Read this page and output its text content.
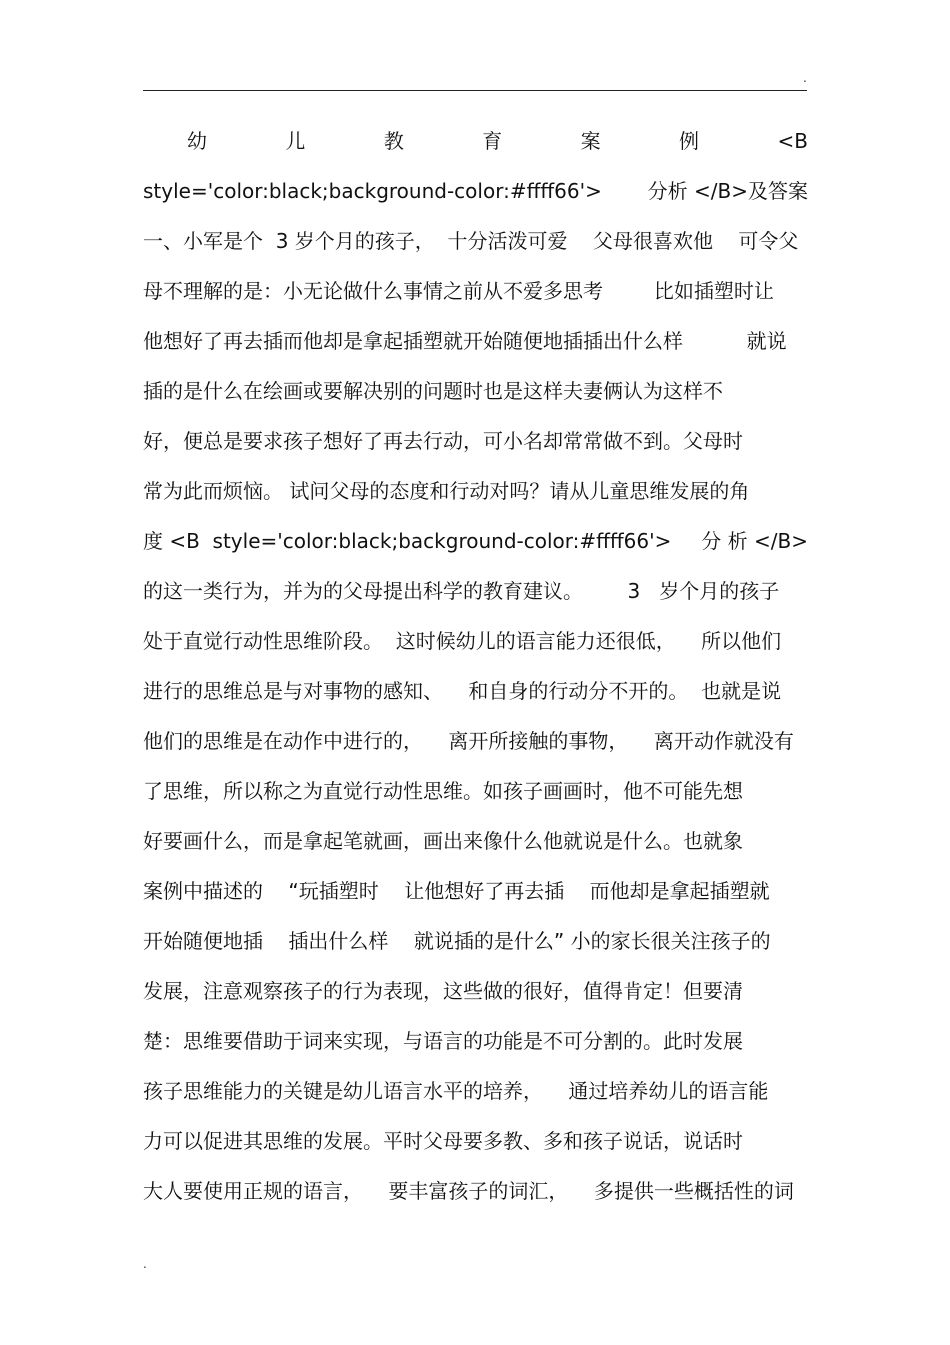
.
幼	儿	教	育	案	例	<B
style='color:black;background-color:#ffff66'> 分析 </B>及答案
一、小军是个  3 岁个月的孩子，  十分活泼可爱    父母很喜欢他    可令父
母不理解的是：小无论做什么事情之前从不爱多思考        比如插塑时让
他想好了再去插而他却是拿起插塑就开始随便地插插出什么样          就说
插的是什么在绘画或要解决别的问题时也是这样夫妻俩认为这样不
好，便总是要求孩子想好了再去行动，可小名却常常做不到。父母时
常为此而烦恼。 试问父母的态度和行动对吗？请从儿童思维发展的角
度 <B  style='color:black;background-color:#ffff66'> 分 析 </B>
的这一类行为，并为的父母提出科学的教育建议。       3   岁个月的孩子
处于直觉行动性思维阶段。  这时候幼儿的语言能力还很低，    所以他们
进行的思维总是与对事物的感知、    和自身的行动分不开的。  也就是说
他们的思维是在动作中进行的，    离开所接触的事物，    离开动作就没有
了思维，所以称之为直觉行动性思维。如孩子画画时，他不可能先想
好要画什么，而是拿起笔就画，画出来像什么他就说是什么。也就象
案例中描述的    “玩插塑时    让他想好了再去插    而他却是拿起插塑就
开始随便地插    插出什么样    就说插的是什么” 小的家长很关注孩子的
发展，注意观察孩子的行为表现，这些做的很好，值得肯定！但要清
楚：思维要借助于词来实现，与语言的功能是不可分割的。此时发展
孩子思维能力的关键是幼儿语言水平的培养，    通过培养幼儿的语言能
力可以促进其思维的发展。平时父母要多教、多和孩子说话，说话时
大人要使用正规的语言，    要丰富孩子的词汇，    多提供一些概括性的词
.
